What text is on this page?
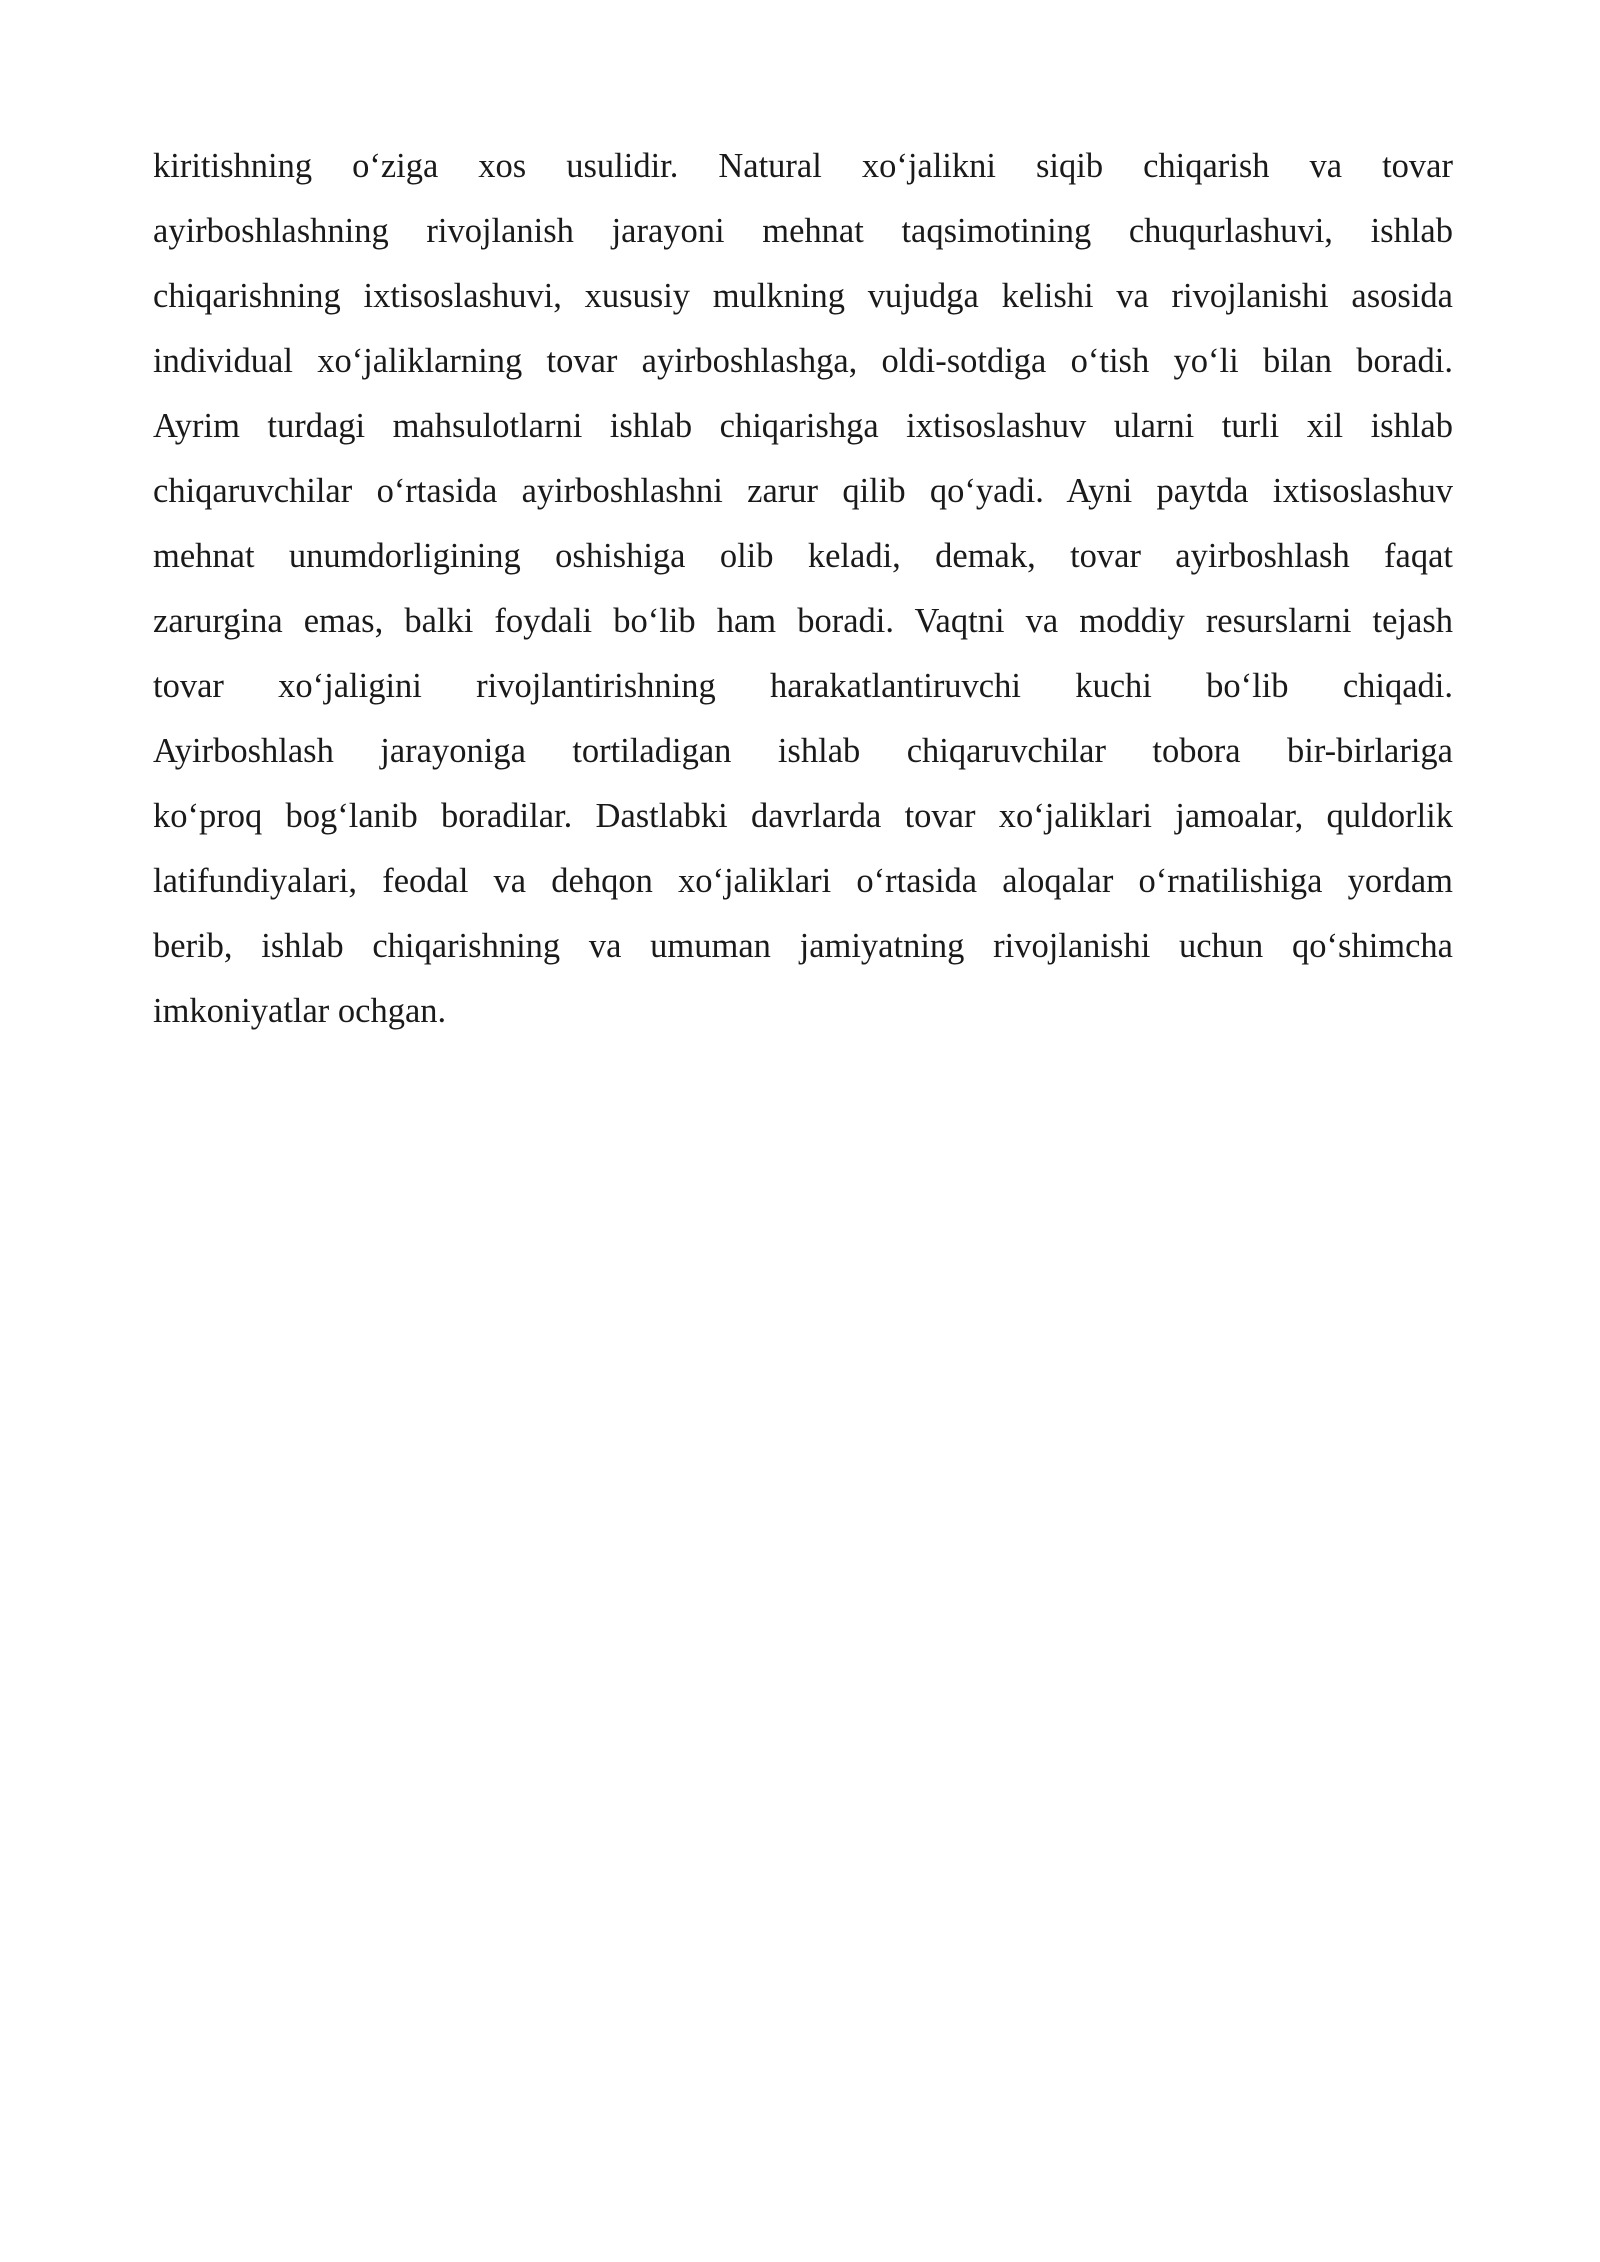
kiritishning o‘ziga xos usulidir. Natural xo‘jalikni siqib chiqarish va tovar
ayirboshlashning rivojlanish jarayoni mehnat taqsimotining chuqurlashuvi, ishlab
chiqarishning ixtisoslashuvi, xususiy mulkning vujudga kelishi va rivojlanishi asosida
individual xo‘jaliklarning tovar ayirboshlashga, oldi-sotdiga o‘tish yo‘li bilan boradi.
Ayrim turdagi mahsulotlarni ishlab chiqarishga ixtisoslashuv ularni turli xil ishlab
chiqaruvchilar o‘rtasida ayirboshlashni zarur qilib qo‘yadi. Ayni paytda ixtisoslashuv
mehnat unumdorligining oshishiga olib keladi, demak, tovar ayirboshlash faqat
zarurgina emas, balki foydali bo‘lib ham boradi. Vaqtni va moddiy resurslarni tejash
tovar xo‘jaligini rivojlantirishning harakatlantiruvchi kuchi bo‘lib chiqadi.
Ayirboshlash jarayoniga tortiladigan ishlab chiqaruvchilar tobora bir-birlariga
ko‘proq bog‘lanib boradilar. Dastlabki davrlarda tovar xo‘jaliklari jamoalar, quldorlik
latifundiyalari, feodal va dehqon xo‘jaliklari o‘rtasida aloqalar o‘rnatilishiga yordam
berib, ishlab chiqarishning va umuman jamiyatning rivojlanishi uchun qo‘shimcha
imkoniyatlar ochgan.
